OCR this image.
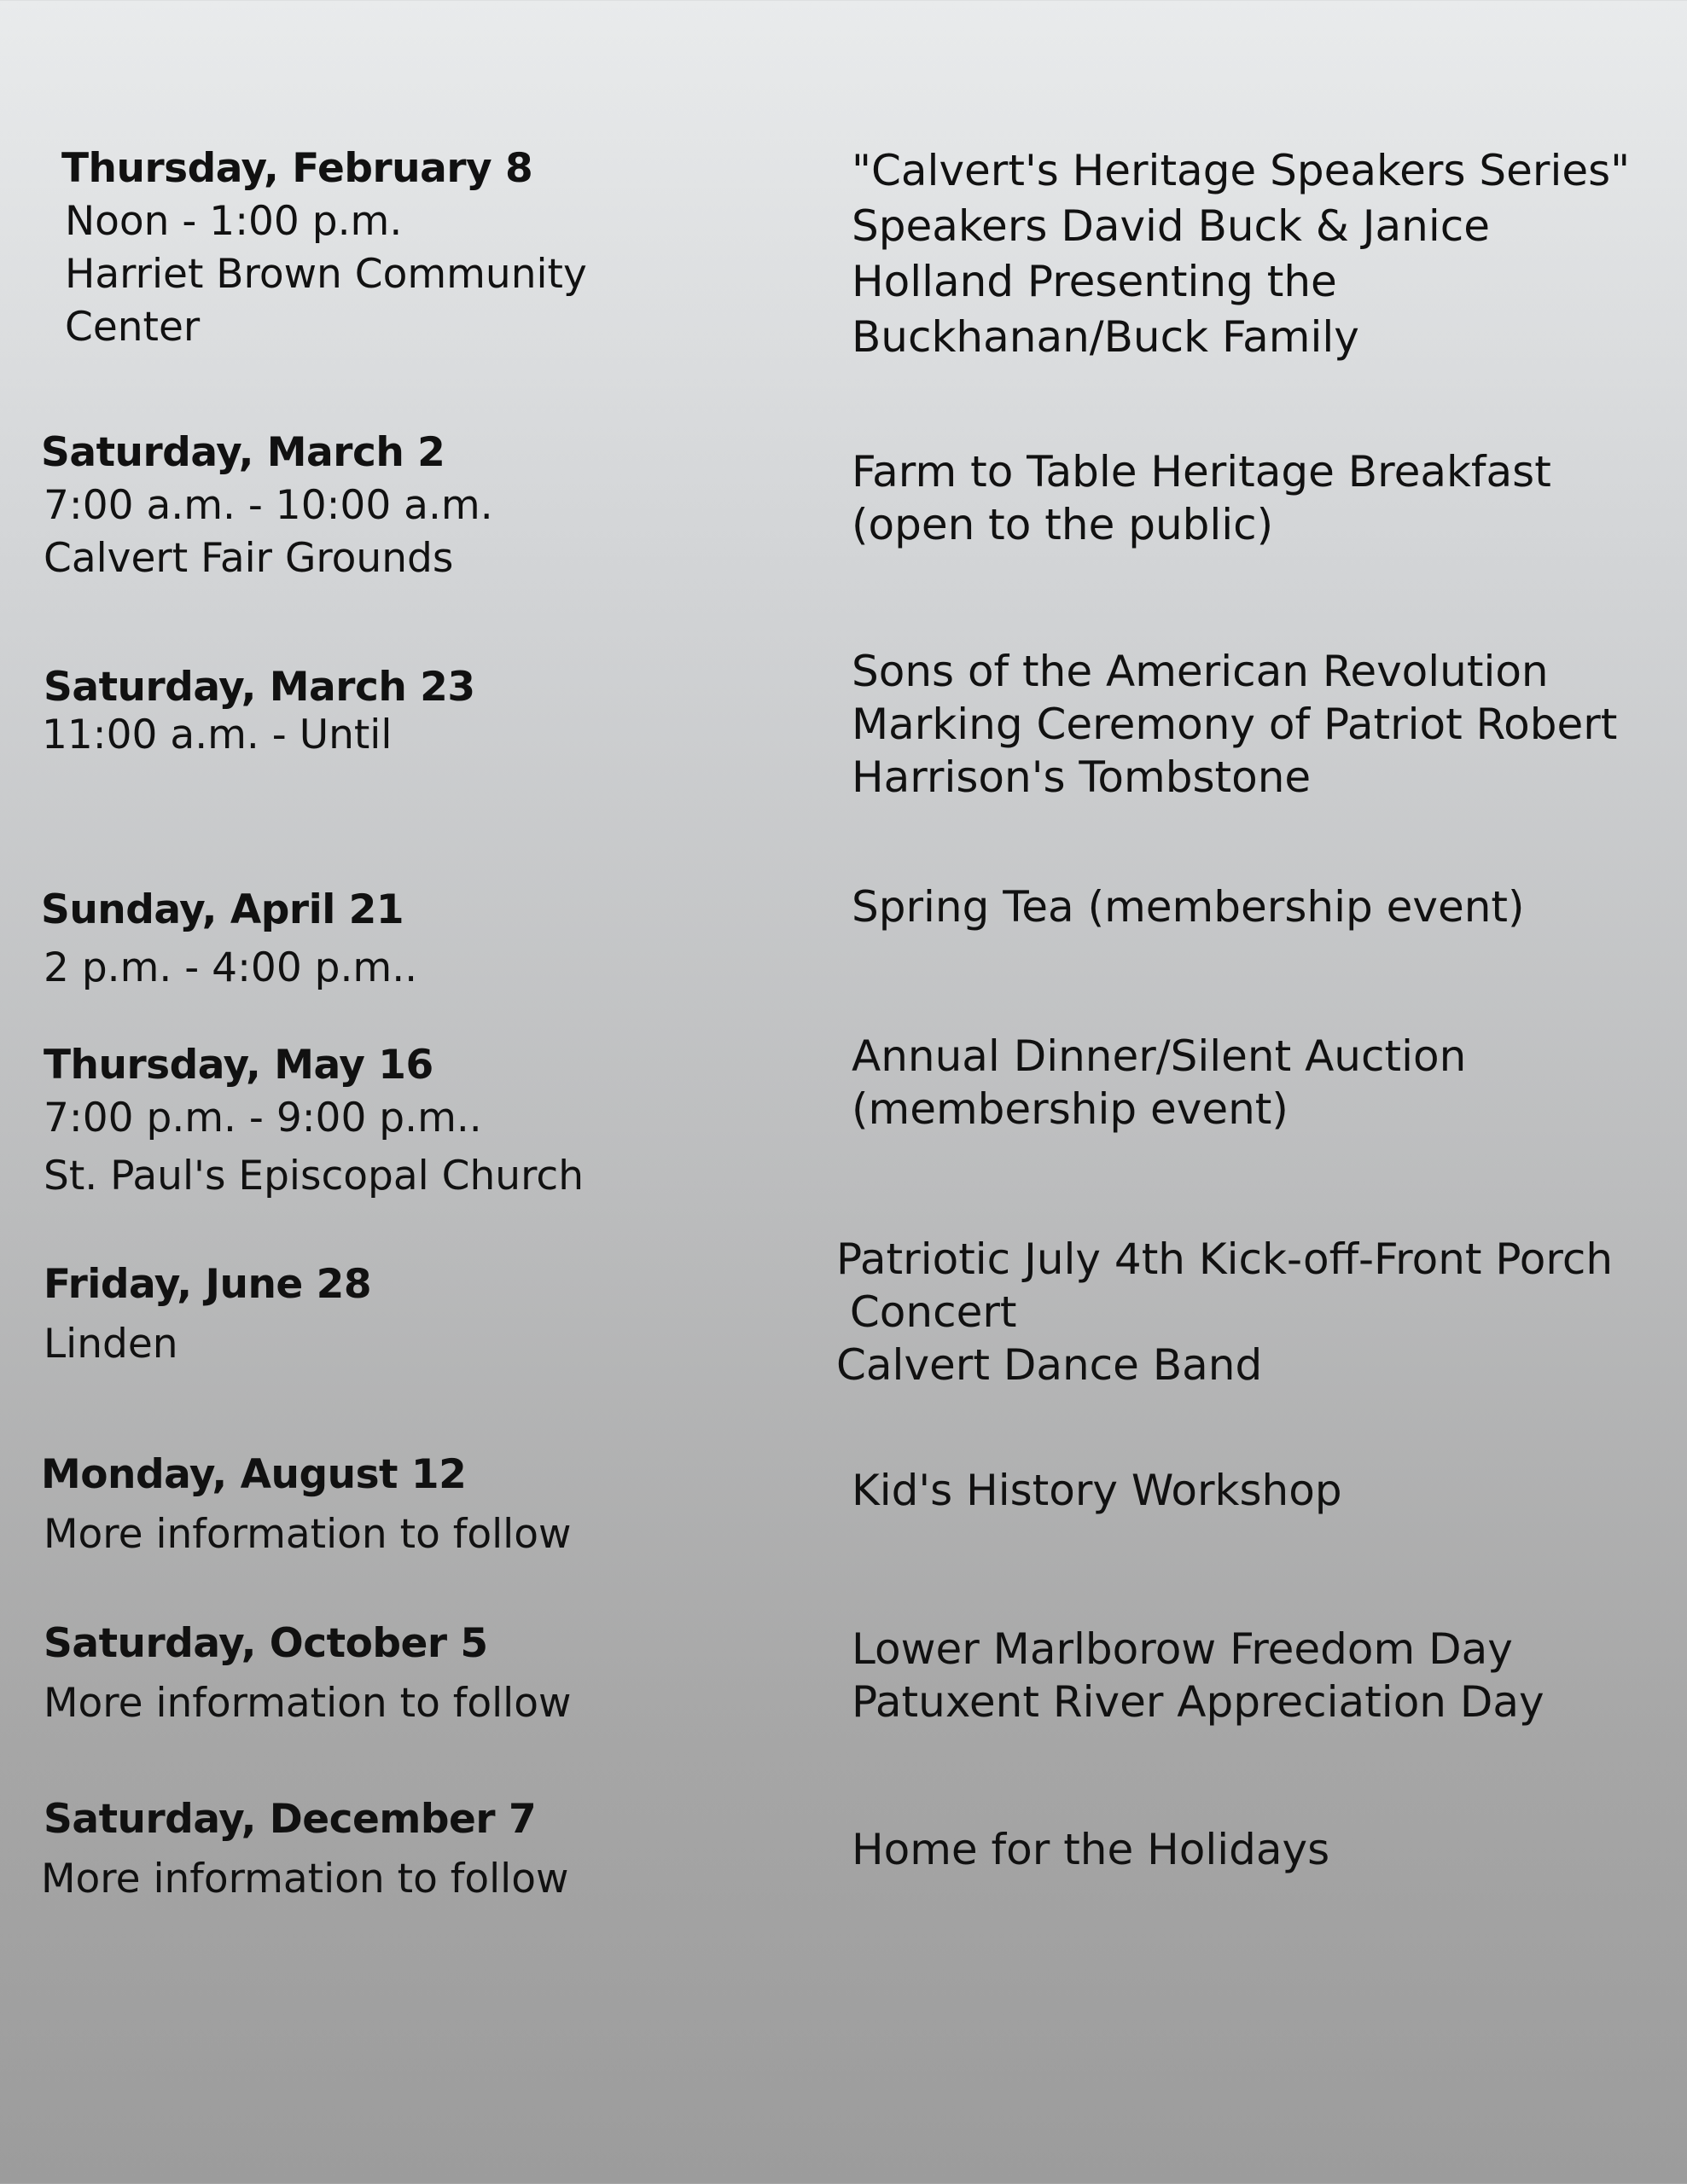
Thursday, February 8
Noon - 1:00 p.m.
Harriet Brown Community
Center
"Calvert's Heritage Speakers Series"
Speakers David Buck & Janice
Holland Presenting the
Buckhanan/Buck Family
Saturday, March 2
7:00 a.m. - 10:00 a.m.
Calvert Fair Grounds
Farm to Table Heritage Breakfast
(open to the public)
Saturday, March 23
11:00 a.m. - Until
Sons of the American Revolution
Marking Ceremony of Patriot Robert
Harrison's Tombstone
Sunday, April 21
2 p.m. - 4:00 p.m..
Spring Tea (membership event)
Thursday, May 16
7:00 p.m. - 9:00 p.m..
St. Paul's Episcopal Church
Annual Dinner/Silent Auction
(membership event)
Friday, June 28
Linden
Patriotic July 4th Kick-off-Front Porch
Concert
Calvert Dance Band
Monday, August 12
More information to follow
Kid's History Workshop
Saturday, October 5
More information to follow
Lower Marlborow Freedom Day
Patuxent River Appreciation Day
Saturday, December 7
More information to follow
Home for the Holidays
